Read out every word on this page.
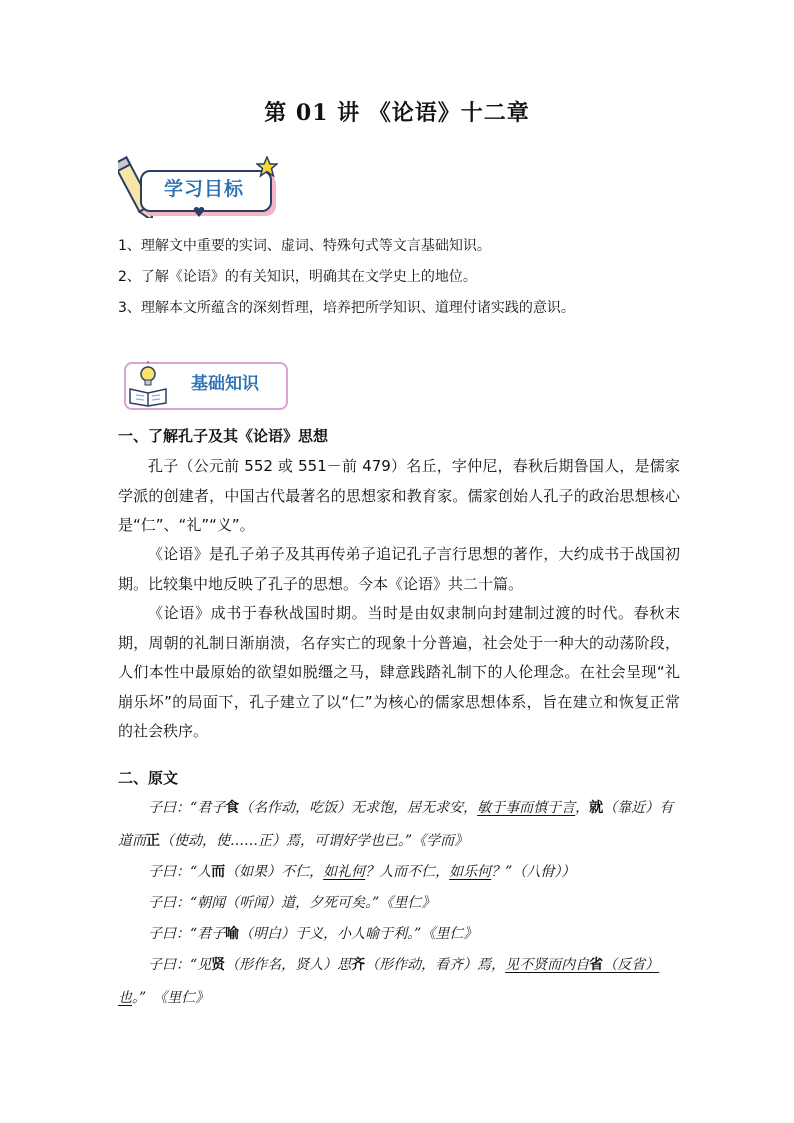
第 01 讲 《论语》十二章
学习目标
1、理解文中重要的实词、虚词、特殊句式等文言基础知识。
2、了解《论语》的有关知识，明确其在文学史上的地位。
3、理解本文所蕴含的深刻哲理，培养把所学知识、道理付诸实践的意识。
基础知识
一、了解孔子及其《论语》思想
孔子（公元前 552 或 551－前 479）名丘，字仲尼，春秋后期鲁国人，是儒家学派的创建者，中国古代最著名的思想家和教育家。儒家创始人孔子的政治思想核心是“仁”、“礼”“义”。
《论语》是孔子弟子及其再传弟子追记孔子言行思想的著作，大约成书于战国初期。比较集中地反映了孔子的思想。今本《论语》共二十篇。
《论语》成书于春秋战国时期。当时是由奴隶制向封建制过渡的时代。春秋末期，周朝的礼制日渐崩溃，名存实亡的现象十分普遍，社会处于一种大的动荡阶段，人们本性中最原始的欲望如脱缰之马，肆意践踏礼制下的人伦理念。在社会呈现“礼崩乐坏”的局面下，孔子建立了以“仁”为核心的儒家思想体系，旨在建立和恢复正常的社会秩序。
二、原文
子曰：“君子食（名作动，吃饭）无求饱，居无求安，敏于事而慎于言，就（靠近）有道而正（使动，使……正）焉，可谓好学也已。”《学而》
子曰：“人而（如果）不仁，如礼何？人而不仁，如乐何？”（八佾））
子曰：“朝闻（听闻）道，夕死可矣。”《里仁》
子曰：“君子喻（明白）于义，小人喻于利。”《里仁》
子曰：“见贤（形作名，贤人）思齐（形作动，看齐）焉，见不贤而内自省（反省）也。”　《里仁》
